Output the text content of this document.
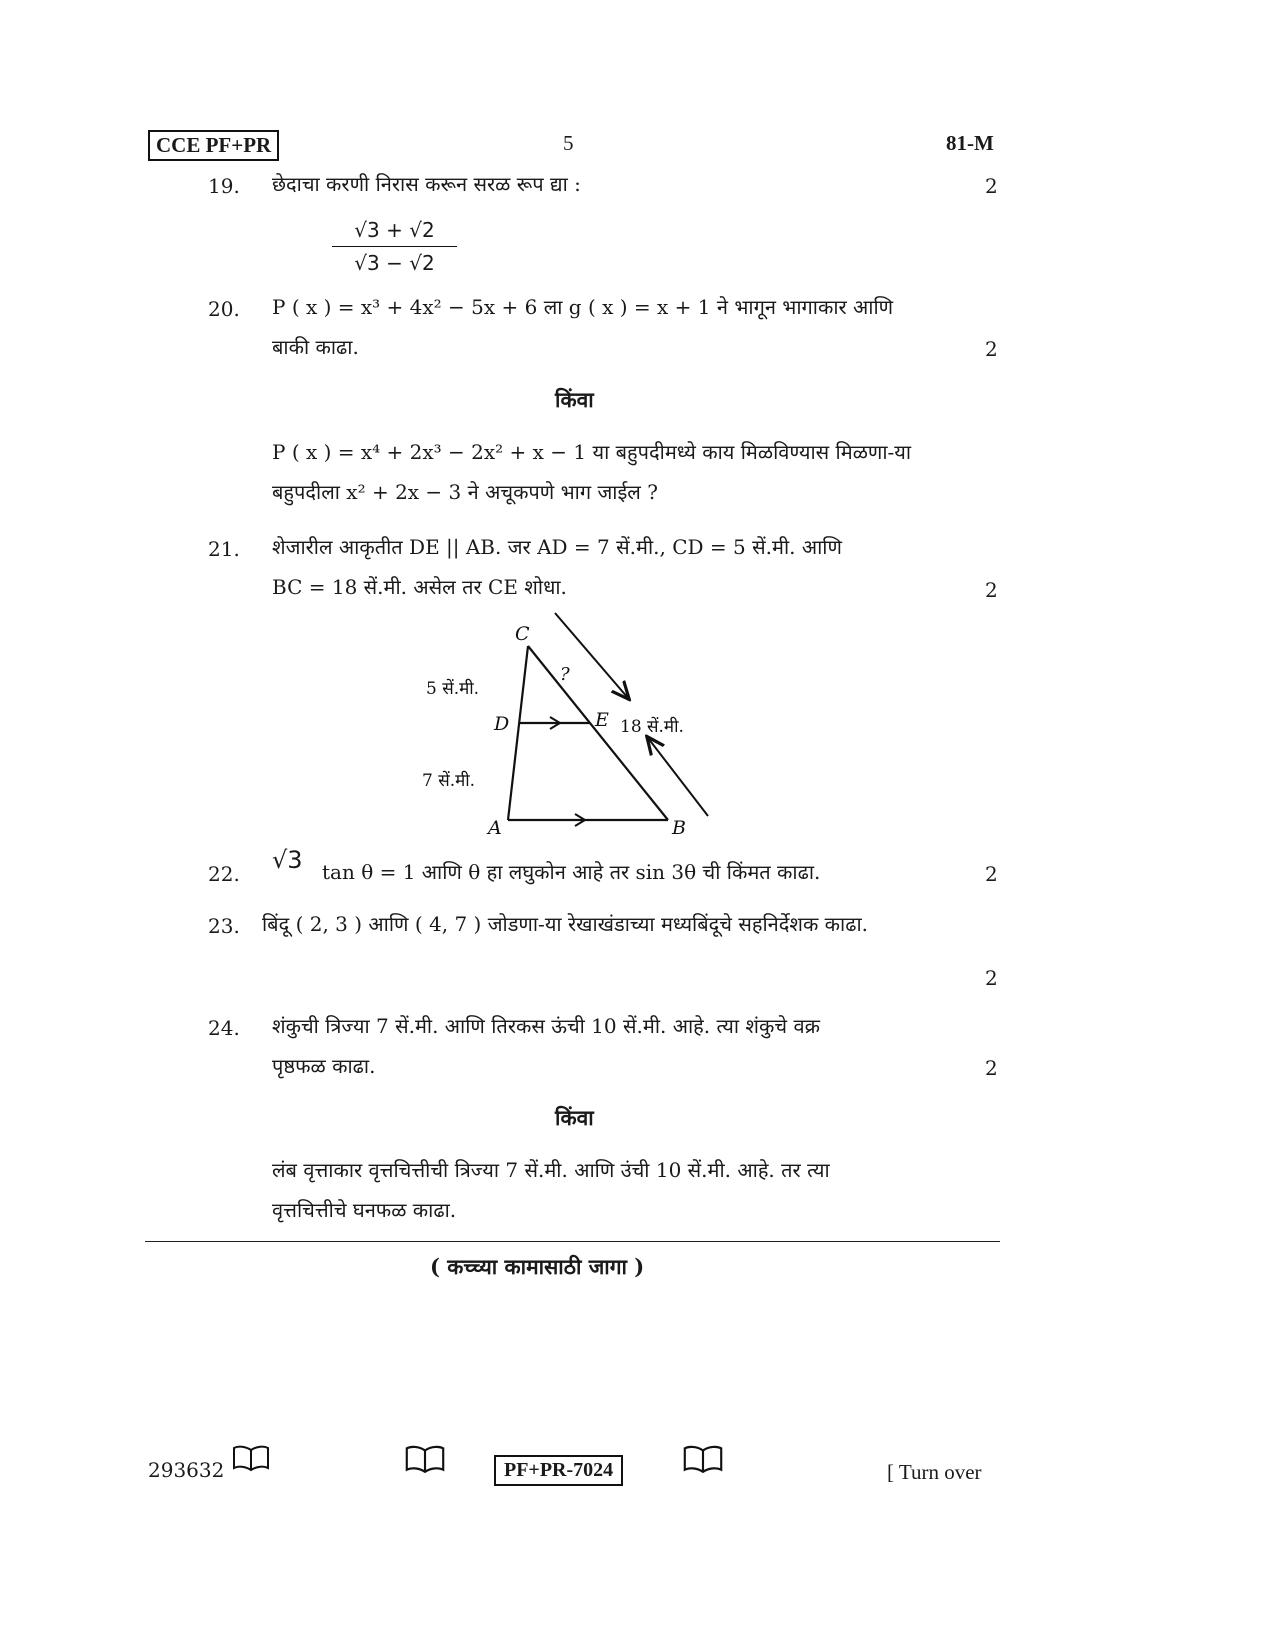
CCE PF+PR	5	81-M
19.	छेदाचा करणी निरास करून सरळ रूप द्या :	2
√3 + √2
√3 − √2
20.	P ( x ) = x³ + 4x² − 5x + 6 ला g ( x ) = x + 1 ने भागून भागाकार आणि
बाकी काढा.	2
किंवा
P ( x ) = x⁴ + 2x³ − 2x² + x − 1 या बहुपदीमध्ये काय मिळविण्यास मिळणा-या
बहुपदीला x² + 2x − 3 ने अचूकपणे भाग जाईल ?
21.	शेजारील आकृतीत DE || AB. जर AD = 7 सें.मी., CD = 5 सें.मी. आणि
BC = 18 सें.मी. असेल तर CE शोधा.	2
C
?
5 सें.मी.
D	E 18 सें.मी.
7 सें.मी.
A	B
22.	√3 tan θ = 1 आणि θ हा लघुकोन आहे तर sin 3θ ची किंमत काढा.	2
23.	बिंदू ( 2, 3 ) आणि ( 4, 7 ) जोडणा-या रेखाखंडाच्या मध्यबिंदूचे सहनिर्देशक काढा.
2
24.	शंकुची त्रिज्या 7 सें.मी. आणि तिरकस ऊंची 10 सें.मी. आहे. त्या शंकुचे वक्र
पृष्ठफळ काढा.	2
किंवा
लंब वृत्ताकार वृत्तचित्तीची त्रिज्या 7 सें.मी. आणि उंची 10 सें.मी. आहे. तर त्या
वृत्तचित्तीचे घनफळ काढा.
( कच्च्या कामासाठी जागा )
293632	PF+PR-7024	[ Turn over
